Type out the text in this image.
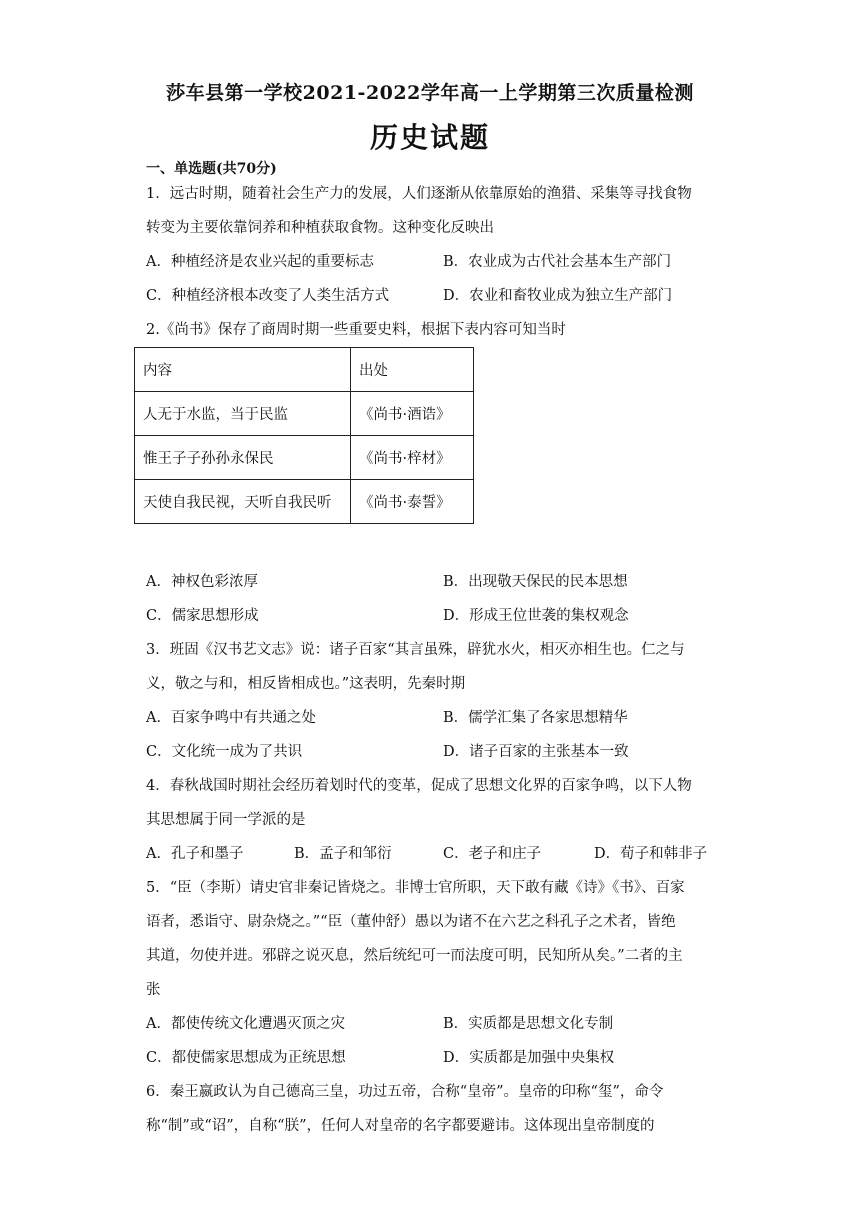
莎车县第一学校2021-2022学年高一上学期第三次质量检测
历史试题
一、单选题(共70分)
1．远古时期，随着社会生产力的发展，人们逐渐从依靠原始的渔猎、采集等寻找食物
转变为主要依靠饲养和种植获取食物。这种变化反映出
A．种植经济是农业兴起的重要标志	B．农业成为古代社会基本生产部门
C．种植经济根本改变了人类生活方式	D．农业和畜牧业成为独立生产部门
2.《尚书》保存了商周时期一些重要史料，根据下表内容可知当时
内容	出处
人无于水监，当于民监	《尚书·酒诰》
惟王子子孙孙永保民	《尚书·梓材》
天使自我民视，天听自我民听	《尚书·泰誓》
A．神权色彩浓厚	B．出现敬天保民的民本思想
C．儒家思想形成	D．形成王位世袭的集权观念
3．班固《汉书艺文志》说：诸子百家“其言虽殊，辟犹水火，相灭亦相生也。仁之与
义，敬之与和，相反皆相成也。”这表明，先秦时期
A．百家争鸣中有共通之处	B．儒学汇集了各家思想精华
C．文化统一成为了共识	D．诸子百家的主张基本一致
4．春秋战国时期社会经历着划时代的变革，促成了思想文化界的百家争鸣，以下人物
其思想属于同一学派的是
A．孔子和墨子	B．孟子和邹衍	C．老子和庄子	D．荀子和韩非子
5．“臣（李斯）请史官非秦记皆烧之。非博士官所职，天下敢有藏《诗》《书》、百家
语者，悉诣守、尉杂烧之。”“臣（董仲舒）愚以为诸不在六艺之科孔子之术者，皆绝
其道，勿使并进。邪辟之说灭息，然后统纪可一而法度可明，民知所从矣。”二者的主
张
A．都使传统文化遭遇灭顶之灾	B．实质都是思想文化专制
C．都使儒家思想成为正统思想	D．实质都是加强中央集权
6．秦王嬴政认为自己德高三皇，功过五帝，合称“皇帝”。皇帝的印称“玺”，命令
称“制”或“诏”，自称“朕”，任何人对皇帝的名字都要避讳。这体现出皇帝制度的
